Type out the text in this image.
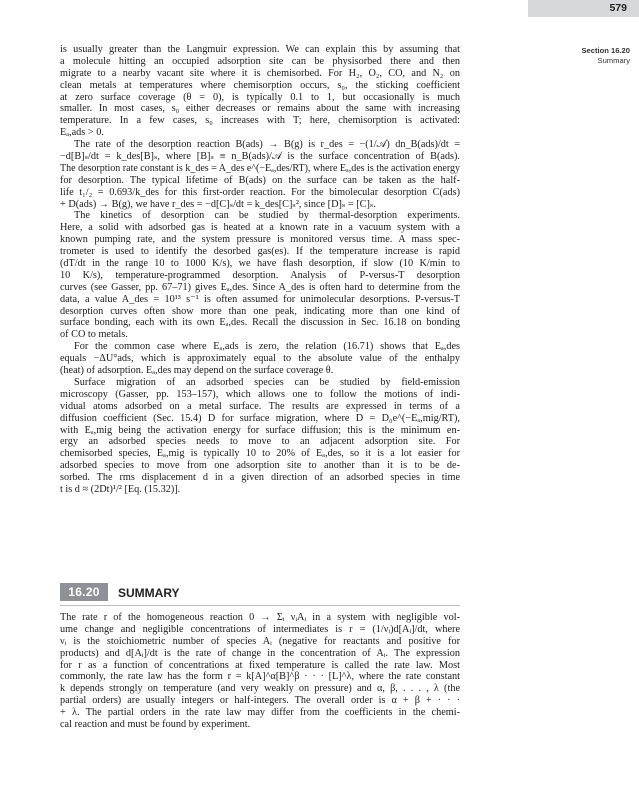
579
Section 16.20
Summary
is usually greater than the Langmuir expression. We can explain this by assuming that
a molecule hitting an occupied adsorption site can be physisorbed there and then
migrate to a nearby vacant site where it is chemisorbed. For H₂, O₂, CO, and N₂ on
clean metals at temperatures where chemisorption occurs, s₀, the sticking coefficient
at zero surface coverage (θ = 0), is typically 0.1 to 1, but occasionally is much
smaller. In most cases, s₀ either decreases or remains about the same with increasing
temperature. In a few cases, s₀ increases with T; here, chemisorption is activated:
Eₐ,ads > 0.
The rate of the desorption reaction B(ads) → B(g) is r_des = −(1/𝒜) dn_B(ads)/dt =
−d[B]ₛ/dt = k_des[B]ₛ, where [B]ₛ ≡ n_B(ads)/𝒜 is the surface concentration of B(ads).
The desorption rate constant is k_des = A_des e^(−Eₐ,des/RT), where Eₐ,des is the activation energy
for desorption. The typical lifetime of B(ads) on the surface can be taken as the half-
life t₁/₂ = 0.693/k_des for this first-order reaction. For the bimolecular desorption C(ads)
+ D(ads) → B(g), we have r_des = −d[C]ₛ/dt = k_des[C]ₛ², since [D]ₛ = [C]ₛ.
The kinetics of desorption can be studied by thermal-desorption experiments.
Here, a solid with adsorbed gas is heated at a known rate in a vacuum system with a
known pumping rate, and the system pressure is monitored versus time. A mass spec-
trometer is used to identify the desorbed gas(es). If the temperature increase is rapid
(dT/dt in the range 10 to 1000 K/s), we have flash desorption, if slow (10 K/min to
10 K/s), temperature-programmed desorption. Analysis of P-versus-T desorption
curves (see Gasser, pp. 67–71) gives Eₐ,des. Since A_des is often hard to determine from the
data, a value A_des = 10¹³ s⁻¹ is often assumed for unimolecular desorptions. P-versus-T
desorption curves often show more than one peak, indicating more than one kind of
surface bonding, each with its own Eₐ,des. Recall the discussion in Sec. 16.18 on bonding
of CO to metals.
For the common case where Eₐ,ads is zero, the relation (16.71) shows that Eₐ,des
equals −ΔU°ads, which is approximately equal to the absolute value of the enthalpy
(heat) of adsorption. Eₐ,des may depend on the surface coverage θ.
Surface migration of an adsorbed species can be studied by field-emission
microscopy (Gasser, pp. 153–157), which allows one to follow the motions of indi-
vidual atoms adsorbed on a metal surface. The results are expressed in terms of a
diffusion coefficient (Sec. 15.4) D for surface migration, where D = D₀e^(−Eₐ,mig/RT),
with Eₐ,mig being the activation energy for surface diffusion; this is the minimum en-
ergy an adsorbed species needs to move to an adjacent adsorption site. For
chemisorbed species, Eₐ,mig is typically 10 to 20% of Eₐ,des, so it is a lot easier for
adsorbed species to move from one adsorption site to another than it is to be de-
sorbed. The rms displacement d in a given direction of an adsorbed species in time
t is d ≈ (2Dt)¹/² [Eq. (15.32)].
16.20	SUMMARY
The rate r of the homogeneous reaction 0 → Σᵢ νᵢAᵢ in a system with negligible vol-
ume change and negligible concentrations of intermediates is r = (1/νᵢ)d[Aᵢ]/dt, where
νᵢ is the stoichiometric number of species Aᵢ (negative for reactants and positive for
products) and d[Aᵢ]/dt is the rate of change in the concentration of Aᵢ. The expression
for r as a function of concentrations at fixed temperature is called the rate law. Most
commonly, the rate law has the form r = k[A]^α[B]^β · · · [L]^λ, where the rate constant
k depends strongly on temperature (and very weakly on pressure) and α, β, . . . , λ (the
partial orders) are usually integers or half-integers. The overall order is α + β + · · ·
+ λ. The partial orders in the rate law may differ from the coefficients in the chemi-
cal reaction and must be found by experiment.
